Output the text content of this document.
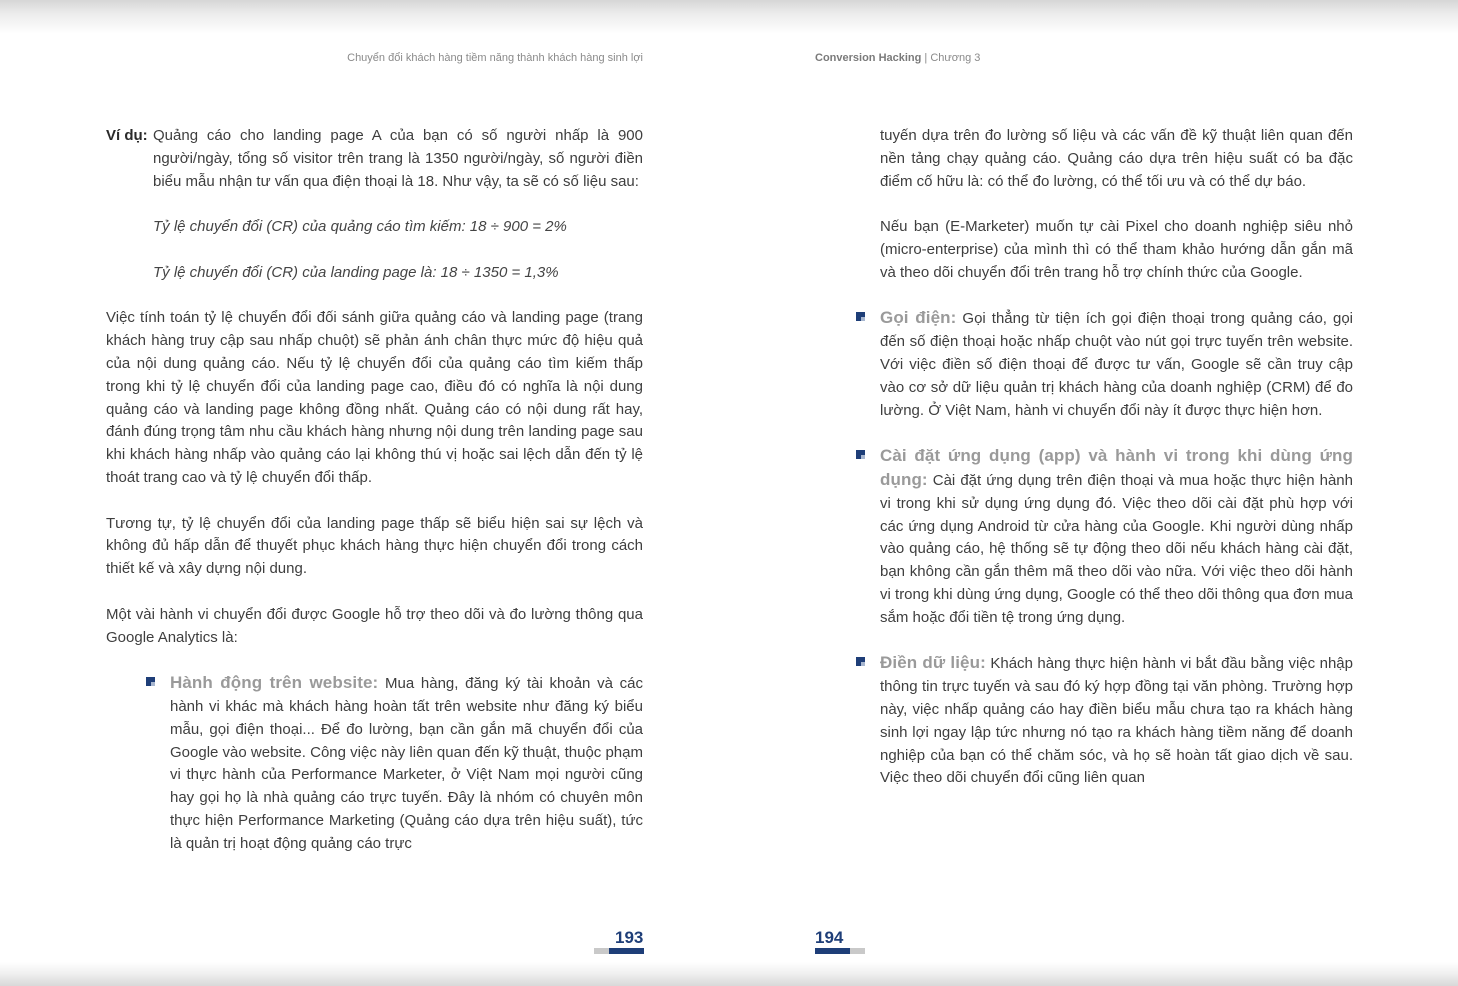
Chuyển đổi khách hàng tiềm năng thành khách hàng sinh lợi	Conversion Hacking | Chương 3

Ví dụ: Quảng cáo cho landing page A của bạn có số người nhấp là 900 người/ngày, tổng số visitor trên trang là 1350 người/ngày, số người điền biểu mẫu nhận tư vấn qua điện thoại là 18. Như vậy, ta sẽ có số liệu sau:

Tỷ lệ chuyển đổi (CR) của quảng cáo tìm kiếm: 18 ÷ 900 = 2%

Tỷ lệ chuyển đổi (CR) của landing page là: 18 ÷ 1350 = 1,3%

Việc tính toán tỷ lệ chuyển đổi đối sánh giữa quảng cáo và landing page (trang khách hàng truy cập sau nhấp chuột) sẽ phản ánh chân thực mức độ hiệu quả của nội dung quảng cáo. Nếu tỷ lệ chuyển đổi của quảng cáo tìm kiếm thấp trong khi tỷ lệ chuyển đổi của landing page cao, điều đó có nghĩa là nội dung quảng cáo và landing page không đồng nhất. Quảng cáo có nội dung rất hay, đánh đúng trọng tâm nhu cầu khách hàng nhưng nội dung trên landing page sau khi khách hàng nhấp vào quảng cáo lại không thú vị hoặc sai lệch dẫn đến tỷ lệ thoát trang cao và tỷ lệ chuyển đổi thấp.

Tương tự, tỷ lệ chuyển đổi của landing page thấp sẽ biểu hiện sai sự lệch và không đủ hấp dẫn để thuyết phục khách hàng thực hiện chuyển đổi trong cách thiết kế và xây dựng nội dung.

Một vài hành vi chuyển đổi được Google hỗ trợ theo dõi và đo lường thông qua Google Analytics là:

Hành động trên website: Mua hàng, đăng ký tài khoản và các hành vi khác mà khách hàng hoàn tất trên website như đăng ký biểu mẫu, gọi điện thoại... Để đo lường, bạn cần gắn mã chuyển đổi của Google vào website. Công việc này liên quan đến kỹ thuật, thuộc phạm vi thực hành của Performance Marketer, ở Việt Nam mọi người cũng hay gọi họ là nhà quảng cáo trực tuyến. Đây là nhóm có chuyên môn thực hiện Performance Marketing (Quảng cáo dựa trên hiệu suất), tức là quản trị hoạt động quảng cáo trực

tuyến dựa trên đo lường số liệu và các vấn đề kỹ thuật liên quan đến nền tảng chạy quảng cáo. Quảng cáo dựa trên hiệu suất có ba đặc điểm cố hữu là: có thể đo lường, có thể tối ưu và có thể dự báo.

Nếu bạn (E-Marketer) muốn tự cài Pixel cho doanh nghiệp siêu nhỏ (micro-enterprise) của mình thì có thể tham khảo hướng dẫn gắn mã và theo dõi chuyển đổi trên trang hỗ trợ chính thức của Google.

Gọi điện: Gọi thẳng từ tiện ích gọi điện thoại trong quảng cáo, gọi đến số điện thoại hoặc nhấp chuột vào nút gọi trực tuyến trên website. Với việc điền số điện thoại để được tư vấn, Google sẽ cần truy cập vào cơ sở dữ liệu quản trị khách hàng của doanh nghiệp (CRM) để đo lường. Ở Việt Nam, hành vi chuyển đổi này ít được thực hiện hơn.

Cài đặt ứng dụng (app) và hành vi trong khi dùng ứng dụng: Cài đặt ứng dụng trên điện thoại và mua hoặc thực hiện hành vi trong khi sử dụng ứng dụng đó. Việc theo dõi cài đặt phù hợp với các ứng dụng Android từ cửa hàng của Google. Khi người dùng nhấp vào quảng cáo, hệ thống sẽ tự động theo dõi nếu khách hàng cài đặt, bạn không cần gắn thêm mã theo dõi vào nữa. Với việc theo dõi hành vi trong khi dùng ứng dụng, Google có thể theo dõi thông qua đơn mua sắm hoặc đổi tiền tệ trong ứng dụng.

Điền dữ liệu: Khách hàng thực hiện hành vi bắt đầu bằng việc nhập thông tin trực tuyến và sau đó ký hợp đồng tại văn phòng. Trường hợp này, việc nhấp quảng cáo hay điền biểu mẫu chưa tạo ra khách hàng sinh lợi ngay lập tức nhưng nó tạo ra khách hàng tiềm năng để doanh nghiệp của bạn có thể chăm sóc, và họ sẽ hoàn tất giao dịch về sau. Việc theo dõi chuyển đổi cũng liên quan

193	194
